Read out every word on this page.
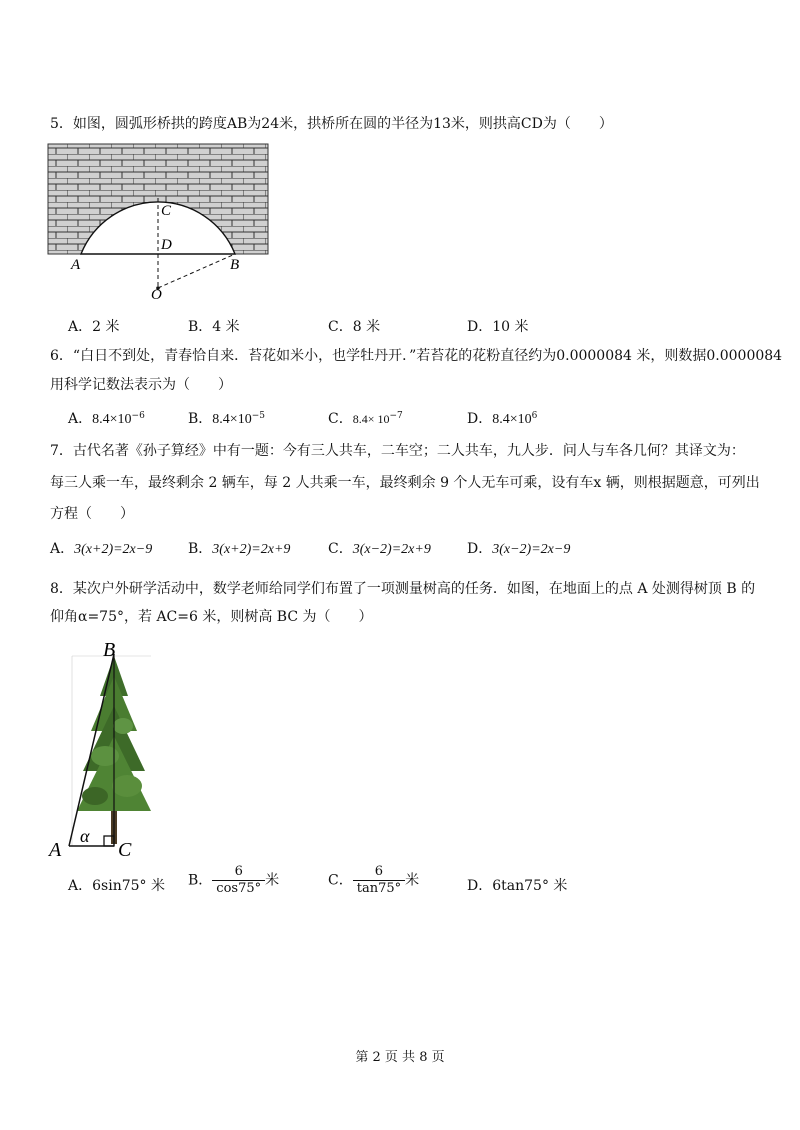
5．如图，圆弧形桥拱的跨度AB为24米，拱桥所在圆的半径为13米，则拱高CD为（　　）
C
D
A	B
O
A．2 米	B．4 米	C．8 米	D．10 米
6．“白日不到处，青春恰自来．苔花如米小，也学牡丹开．”若苔花的花粉直径约为0.0000084 米，则数据0.0000084
用科学记数法表示为（　　）
A．$8.4\times 10^{-6}$	B．$8.4\times 10^{-5}$	C．$8.4\times 10^{-7}$	D．$8.4\times 10^6$
7．古代名著《孙子算经》中有一题：今有三人共车，二车空；二人共车，九人步．问人与车各几何？其译文为：
每三人乘一车，最终剩余 2 辆车，每 2 人共乘一车，最终剩余 9 个人无车可乘，设有车x 辆，则根据题意，可列出
方程（　　）
A．3(x+2)=2x−9	B．3(x+2)=2x+9	C．3(x−2)=2x+9	D．3(x−2)=2x−9
8．某次户外研学活动中，数学老师给同学们布置了一项测量树高的任务．如图，在地面上的点 A 处测得树顶 B 的
仰角α=75°，若 AC=6 米，则树高 BC 为（　　）
B
A	C
α
A．6sin75° 米 B． $\frac{6}{\cos 75^\circ}$ 米	C． $\frac{6}{\tan 75^\circ}$ 米	D．6tan75° 米
第 2 页 共 8 页
